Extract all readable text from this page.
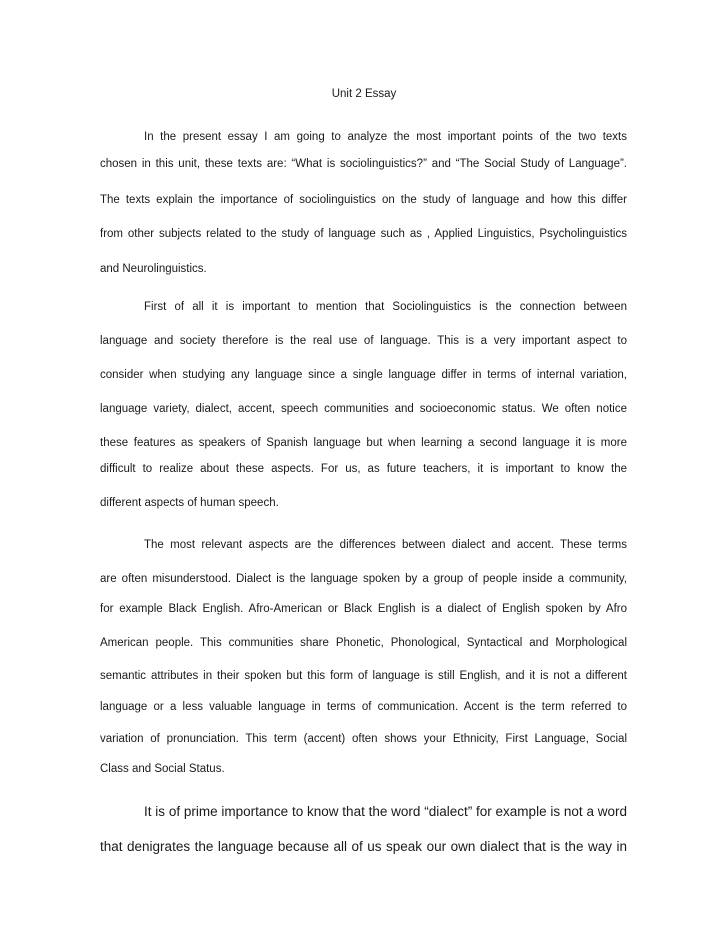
Unit 2 Essay
In the present essay I am going to analyze the most important points of the two texts
chosen in this unit, these texts are: “What is sociolinguistics?” and “The Social Study of Language”.
The texts explain the importance of sociolinguistics on the study of language and how this differ
from other subjects related to the study of language such as , Applied Linguistics, Psycholinguistics
and Neurolinguistics.
First of all it is important to mention that Sociolinguistics is the connection between
language and society therefore is the real use of language. This is a very important aspect to
consider when studying any language since a single language differ in terms of internal variation,
language variety, dialect, accent, speech communities and socioeconomic status. We often notice
these features as speakers of Spanish language but when learning a second language it is more
difficult to realize about these aspects. For us, as future teachers, it is important to know the
different aspects of human speech.
The most relevant aspects are the differences between dialect and accent. These terms
are often misunderstood. Dialect is the language spoken by a group of people inside a community,
for example Black English. Afro-American or Black English is a dialect of English spoken by Afro
American people. This communities share Phonetic, Phonological, Syntactical and Morphological
semantic attributes in their spoken but this form of language is still English, and it is not a different
language or a less valuable language in terms of communication. Accent is the term referred to
variation of pronunciation. This term (accent) often shows your Ethnicity, First Language, Social
Class and Social Status.
It is of prime importance to know that the word “dialect” for example is not a word
that denigrates the language because all of us speak our own dialect that is the way in
